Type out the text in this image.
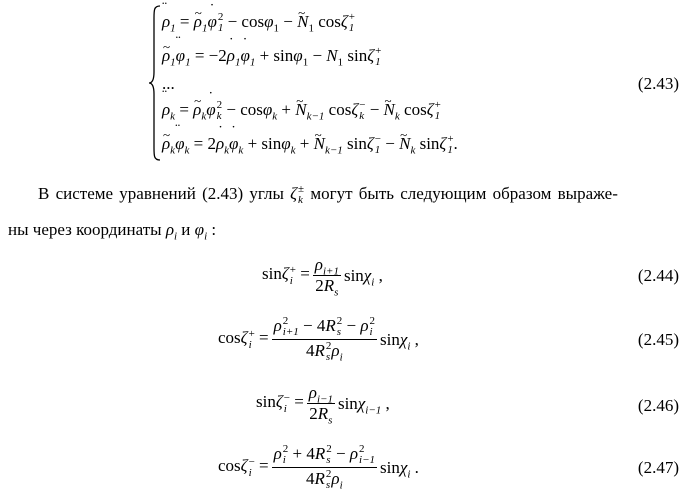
¨ $\rho_1$ = ~ $\rho_1˙$ φ 2
1 − cosφ$_1$ − ~ $N_1$ cosζ +
1
~ $\rho_1¨$ $\varphi_1$ = −2˙ $\rho_1˙$ $\varphi_1 + \sin\varphi_1 - N_1$ sinζ +
1
...
¨ $\rho_k$ = ~ $\rho_k˙$ φ 2
k − cosφ$_k$ + ~ $N_{k-1}$ cosζ −
k − ~ $N_k$ cosζ +
1
~ $\rho_k¨$ $\varphi_k$ = 2˙ $\rho_k˙$ $\varphi_k + \sin\varphi_k$ + ~ $N_{k-1}$ sinζ −
1 − ~ $N_k$ sinζ +
1 .
(2.43)
В системе уравнений (2.43) углы ζ ±
k могут быть следующим образом выраже-
ны через координаты $\rho_i$ и $\varphi_i$ :
sinζ +
$i = \frac{\rho_{i+1}}{2R_s} \sin\chi_i$ ,	(2.44)
cosζ +
i = ρ 2
i+1 − 4R 2
s − ρ 2
i
4R 2
s $\rho_i$ sinχ$_i$ ,	(2.45)
sinζ −
$i = \frac{\rho_{i-1}}{2R_s} \sin\chi_{i-1}$ ,	(2.46)
cosζ −
i = ρ 2
i + 4R 2
s − ρ 2
i−1
4R 2
s $\rho_i$ sinχ$_i$ .	(2.47)
